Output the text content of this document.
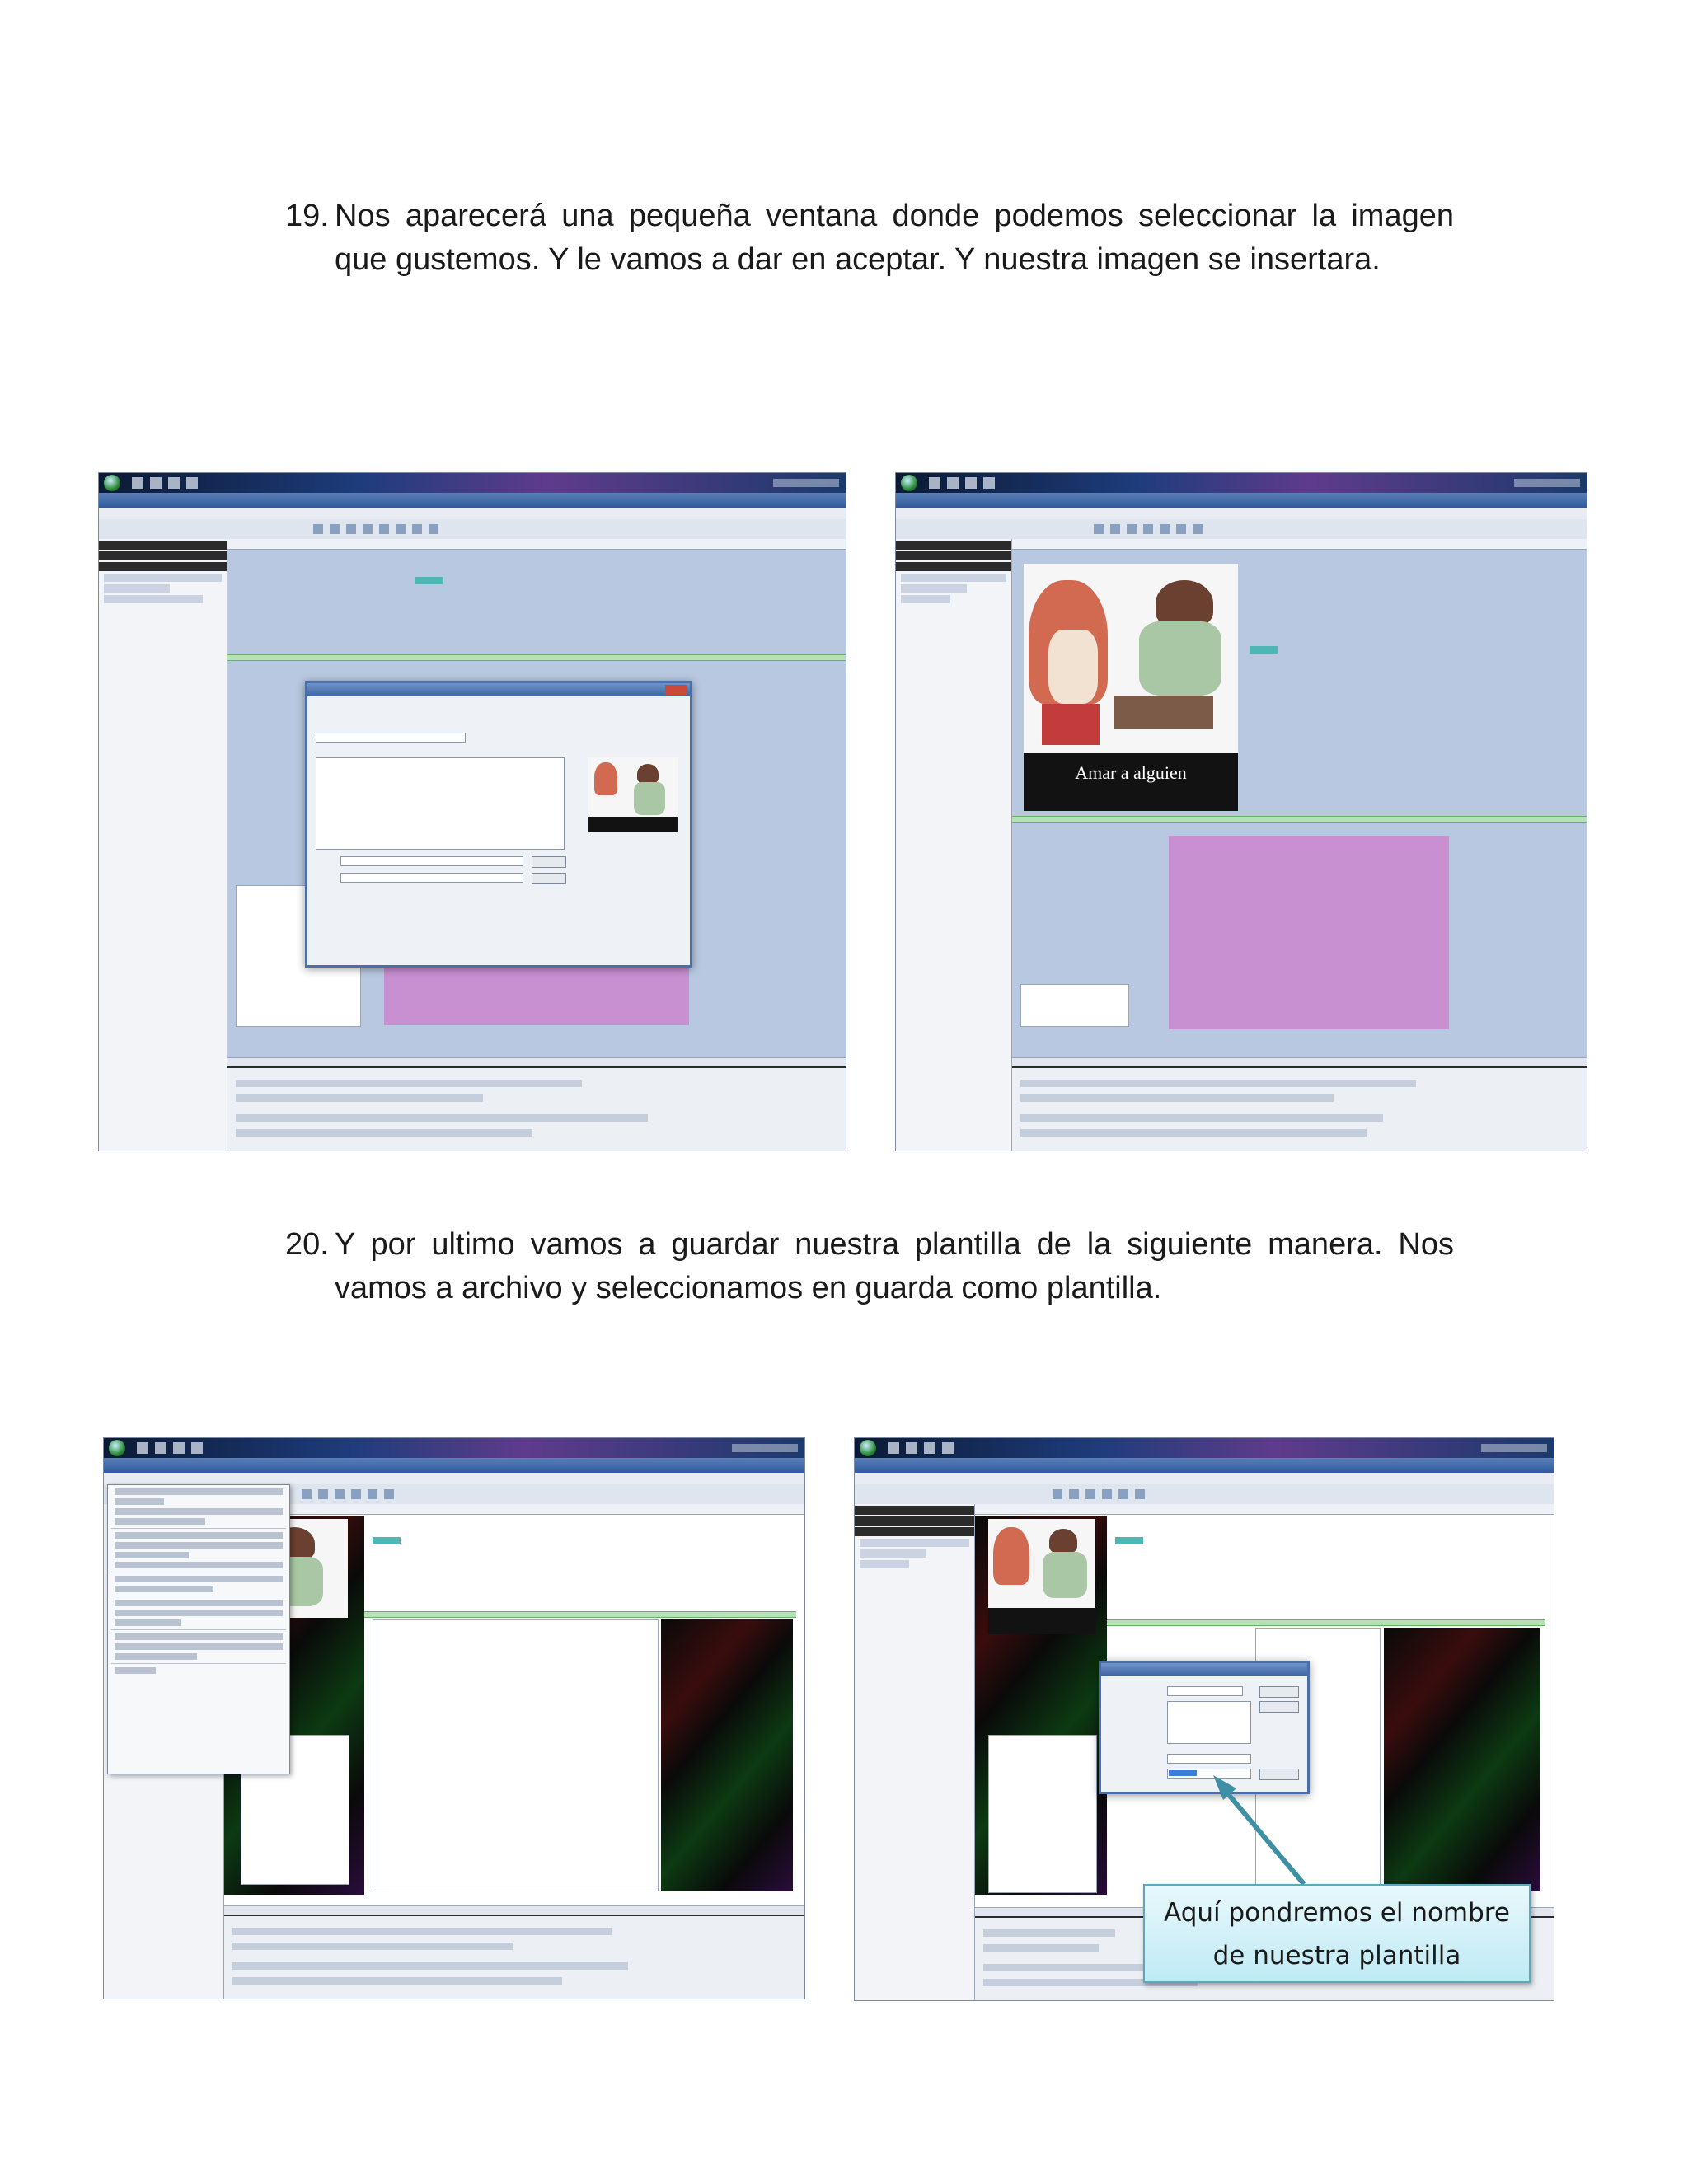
19. Nos aparecerá una pequeña ventana donde podemos seleccionar la imagen que gustemos. Y le vamos a dar en aceptar. Y nuestra imagen se insertara.
Amar a alguien
20. Y por ultimo vamos a guardar nuestra plantilla de la siguiente manera. Nos vamos a archivo y seleccionamos en guarda como plantilla.
Aquí pondremos el nombre
de nuestra plantilla
